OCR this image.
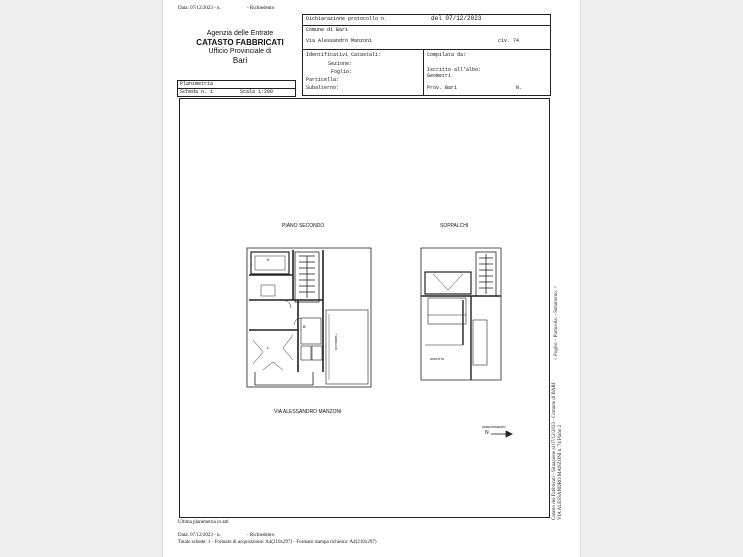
Data: 07/12/2023 - n.	- Richiedente:
Agenzia delle Entrate
CATASTO FABBRICATI
Ufficio Provinciale di
Bari
Dichiarazione protocollo n.	del 07/12/2023
Comune di Bari
Via Alessandro Manzoni	civ. 74
Identificativi Catastali:
Sezione:
Foglio:
Particella:
Subalterno:
Compilata da:
Iscritto all'albo:
Geometri
Prov. Bari	N.
Planimetria
Scheda n. 1	Scala 1:200
PIANO SECONDO	SOPPALCHI
VIA ALESSANDRO MANZONI
ORIENTAMENTO
N
K
L
B
TERRAZZO
SOFFITTA
Catasto dei Fabbricati - Situazione al 07/12/2023 - Comune di BARI VIA ALESSANDRO MANZONI n. 74 Piano 2
< Foglio: - Particella: - Subalterno: >
Ultima planimetria in atti
Data: 07/12/2023 - n.	- Richiedente:
Totale schede: 1 - Formato di acquisizione: A4(210x297) - Formato stampa richiesto: A4(210x297)
